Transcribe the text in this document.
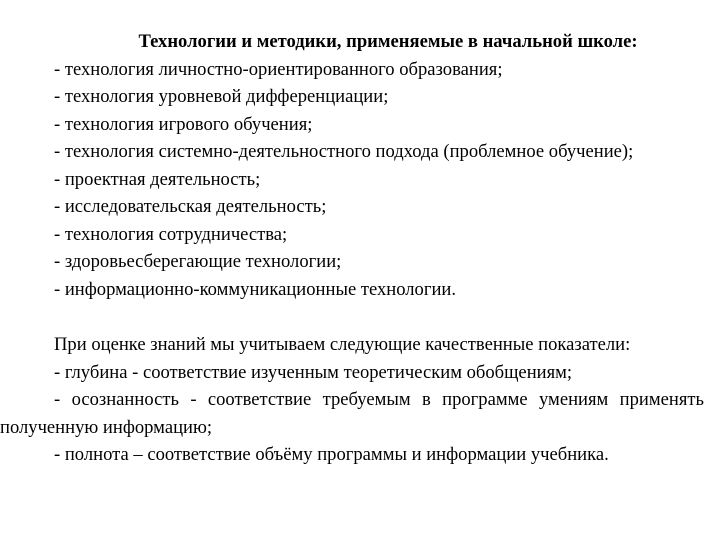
Технологии и методики, применяемые в начальной школе:

- технология личностно-ориентированного образования;

- технология уровневой дифференциации;

- технология игрового обучения;

- технология системно-деятельностного подхода (проблемное обучение);

- проектная деятельность;

- исследовательская деятельность;

- технология сотрудничества;

- здоровьесберегающие технологии;

- информационно-коммуникационные технологии.

При оценке знаний мы учитываем следующие качественные показатели:

- глубина - соответствие изученным теоретическим обобщениям;

- осознанность - соответствие требуемым в программе умениям применять полученную информацию;

- полнота – соответствие объёму программы и информации учебника.
